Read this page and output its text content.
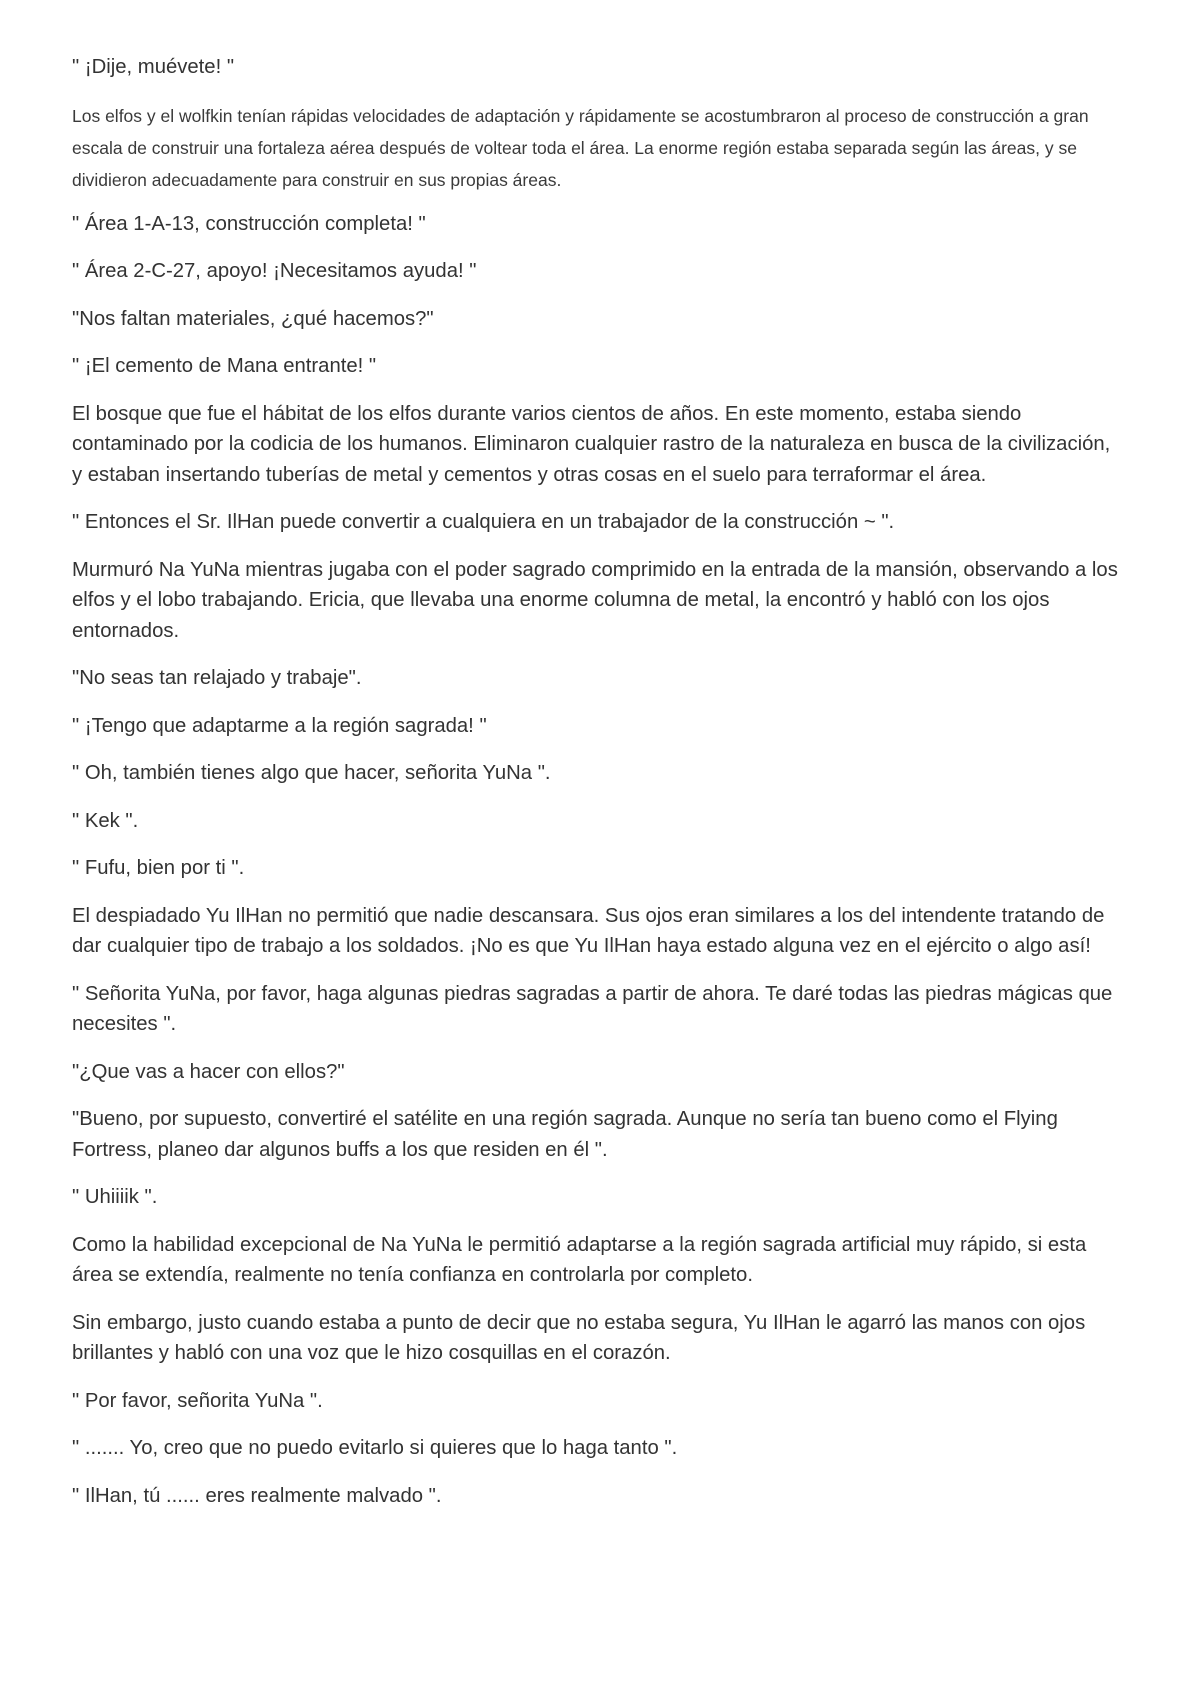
" ¡Dije, muévete! "

Los elfos y el wolfkin tenían rápidas velocidades de adaptación y rápidamente se acostumbraron al proceso de construcción a gran escala de construir una fortaleza aérea después de voltear toda el área. La enorme región estaba separada según las áreas, y se dividieron adecuadamente para construir en sus propias áreas.

" Área 1-A-13, construcción completa! "

" Área 2-C-27, apoyo! ¡Necesitamos ayuda! "

"Nos faltan materiales, ¿qué hacemos?"

" ¡El cemento de Mana entrante! "

El bosque que fue el hábitat de los elfos durante varios cientos de años. En este momento, estaba siendo contaminado por la codicia de los humanos. Eliminaron cualquier rastro de la naturaleza en busca de la civilización, y estaban insertando tuberías de metal y cementos y otras cosas en el suelo para terraformar el área.

" Entonces el Sr. IlHan puede convertir a cualquiera en un trabajador de la construcción ~ ".

Murmuró Na YuNa mientras jugaba con el poder sagrado comprimido en la entrada de la mansión, observando a los elfos y el lobo trabajando. Ericia, que llevaba una enorme columna de metal, la encontró y habló con los ojos entornados.

"No seas tan relajado y trabaje".

" ¡Tengo que adaptarme a la región sagrada! "

" Oh, también tienes algo que hacer, señorita YuNa ".

" Kek ".

" Fufu, bien por ti ".

El despiadado Yu IlHan no permitió que nadie descansara. Sus ojos eran similares a los del intendente tratando de dar cualquier tipo de trabajo a los soldados. ¡No es que Yu IlHan haya estado alguna vez en el ejército o algo así!

" Señorita YuNa, por favor, haga algunas piedras sagradas a partir de ahora. Te daré todas las piedras mágicas que necesites ".

"¿Que vas a hacer con ellos?"

"Bueno, por supuesto, convertiré el satélite en una región sagrada. Aunque no sería tan bueno como el Flying Fortress, planeo dar algunos buffs a los que residen en él ".

" Uhiiiik ".

Como la habilidad excepcional de Na YuNa le permitió adaptarse a la región sagrada artificial muy rápido, si esta área se extendía, realmente no tenía confianza en controlarla por completo.

Sin embargo, justo cuando estaba a punto de decir que no estaba segura, Yu IlHan le agarró las manos con ojos brillantes y habló con una voz que le hizo cosquillas en el corazón.

" Por favor, señorita YuNa ".

" ....... Yo, creo que no puedo evitarlo si quieres que lo haga tanto ".

" IlHan, tú ...... eres realmente malvado ".
